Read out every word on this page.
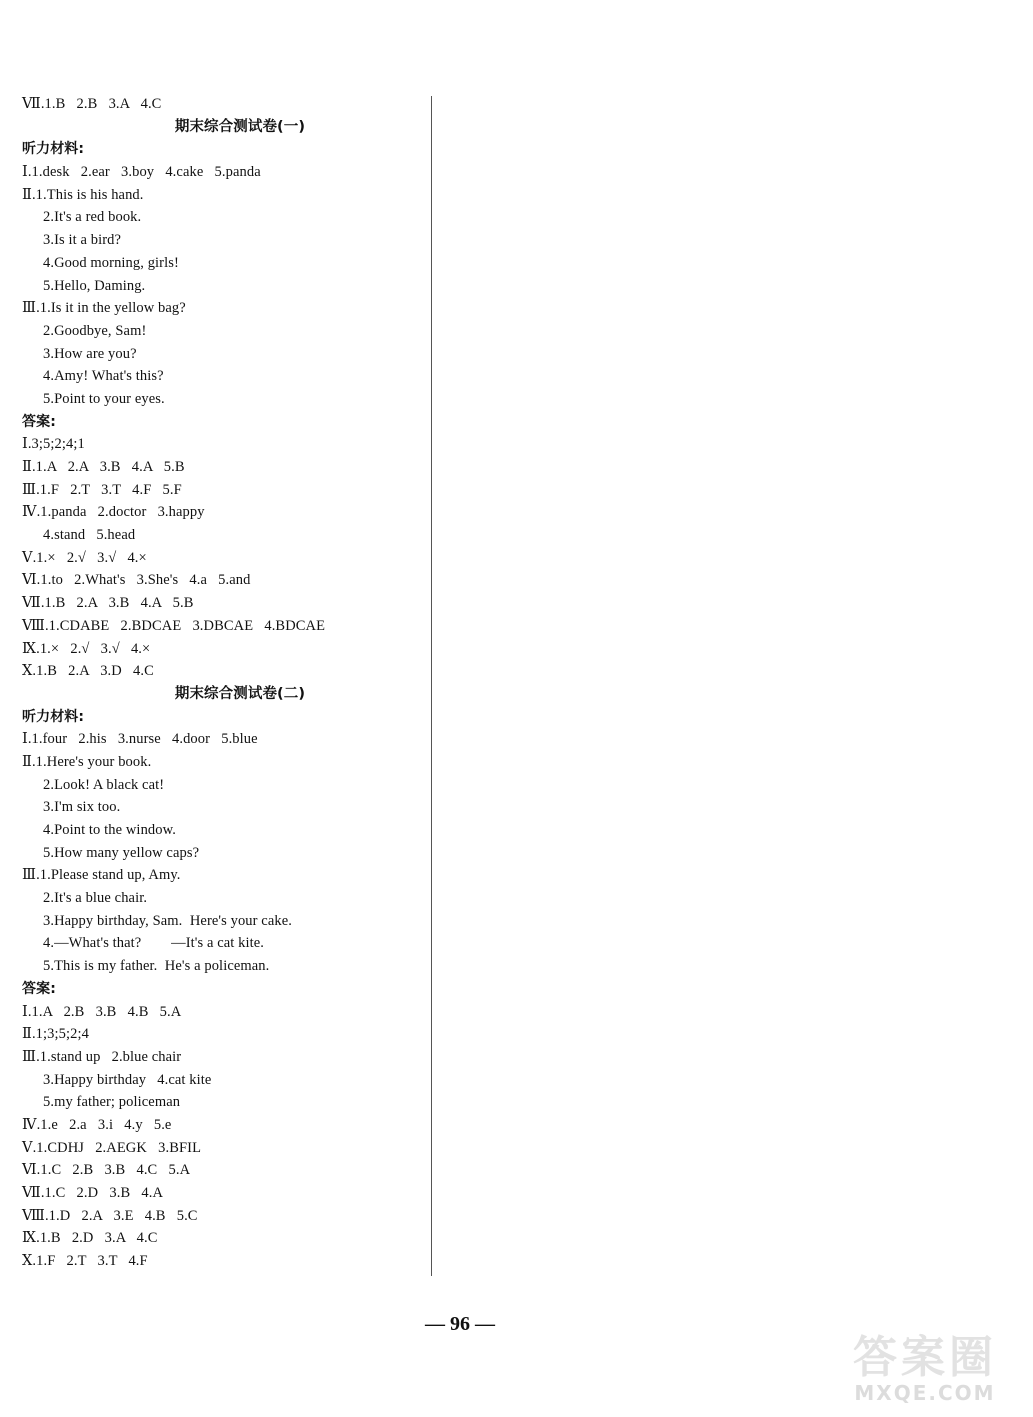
Ⅶ.1.B   2.B   3.A   4.C
期末综合测试卷(一)
听力材料:
Ⅰ.1.desk   2.ear   3.boy   4.cake   5.panda
Ⅱ.1.This is his hand.
2.It's a red book.
3.Is it a bird?
4.Good morning, girls!
5.Hello, Daming.
Ⅲ.1.Is it in the yellow bag?
2.Goodbye, Sam!
3.How are you?
4.Amy! What's this?
5.Point to your eyes.
答案:
Ⅰ.3;5;2;4;1
Ⅱ.1.A   2.A   3.B   4.A   5.B
Ⅲ.1.F   2.T   3.T   4.F   5.F
Ⅳ.1.panda   2.doctor   3.happy
4.stand   5.head
Ⅴ.1.×   2.√   3.√   4.×
Ⅵ.1.to   2.What's   3.She's   4.a   5.and
Ⅶ.1.B   2.A   3.B   4.A   5.B
Ⅷ.1.CDABE   2.BDCAE   3.DBCAE   4.BDCAE
Ⅸ.1.×   2.√   3.√   4.×
Ⅹ.1.B   2.A   3.D   4.C
期末综合测试卷(二)
听力材料:
Ⅰ.1.four   2.his   3.nurse   4.door   5.blue
Ⅱ.1.Here's your book.
2.Look! A black cat!
3.I'm six too.
4.Point to the window.
5.How many yellow caps?
Ⅲ.1.Please stand up, Amy.
2.It's a blue chair.
3.Happy birthday, Sam.  Here's your cake.
4.—What's that?        —It's a cat kite.
5.This is my father.  He's a policeman.
答案:
Ⅰ.1.A   2.B   3.B   4.B   5.A
Ⅱ.1;3;5;2;4
Ⅲ.1.stand up   2.blue chair
3.Happy birthday   4.cat kite
5.my father; policeman
Ⅳ.1.e   2.a   3.i   4.y   5.e
Ⅴ.1.CDHJ   2.AEGK   3.BFIL
Ⅵ.1.C   2.B   3.B   4.C   5.A
Ⅶ.1.C   2.D   3.B   4.A
Ⅷ.1.D   2.A   3.E   4.B   5.C
Ⅸ.1.B   2.D   3.A   4.C
Ⅹ.1.F   2.T   3.T   4.F
— 96 —
答案圈
MXQE.COM
